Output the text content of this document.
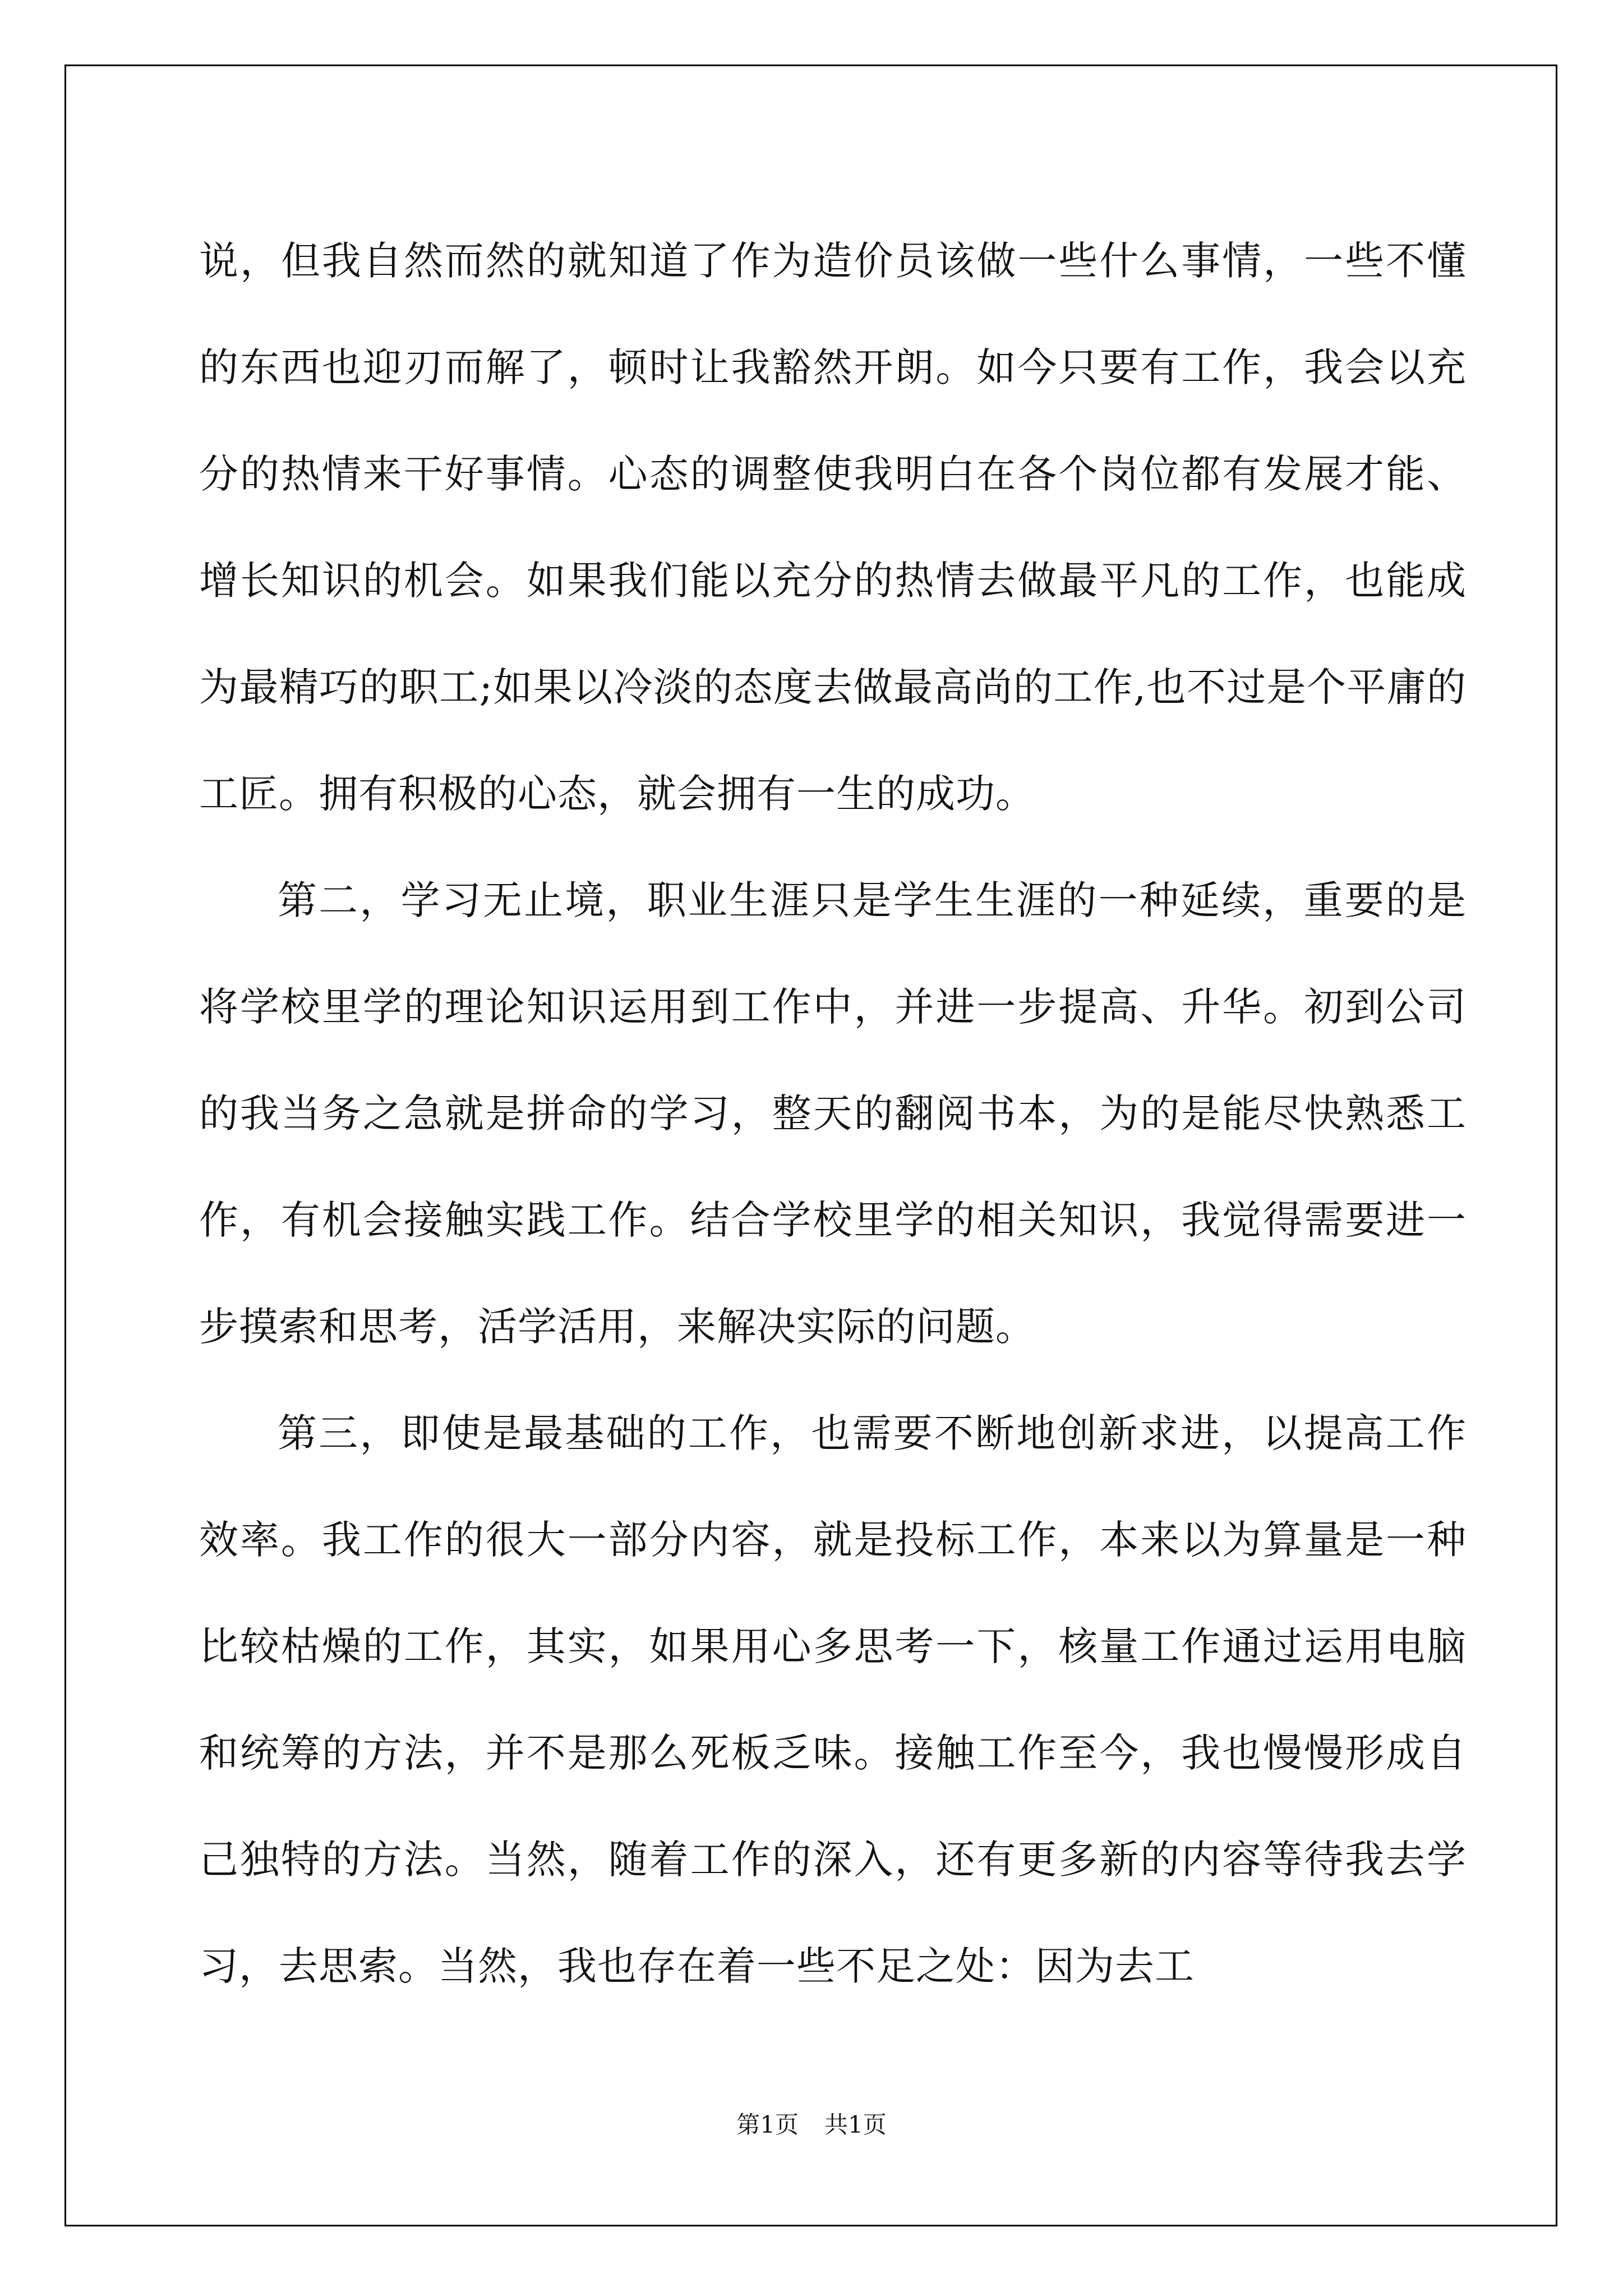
说，但我自然而然的就知道了作为造价员该做一些什么事情，一些不懂的东西也迎刃而解了，顿时让我豁然开朗。如今只要有工作，我会以充分的热情来干好事情。心态的调整使我明白在各个岗位都有发展才能、增长知识的机会。如果我们能以充分的热情去做最平凡的工作，也能成为最精巧的职工;如果以冷淡的态度去做最高尚的工作,也不过是个平庸的工匠。拥有积极的心态，就会拥有一生的成功。

第二，学习无止境，职业生涯只是学生生涯的一种延续，重要的是将学校里学的理论知识运用到工作中，并进一步提高、升华。初到公司的我当务之急就是拼命的学习，整天的翻阅书本，为的是能尽快熟悉工作，有机会接触实践工作。结合学校里学的相关知识，我觉得需要进一步摸索和思考，活学活用，来解决实际的问题。

第三，即使是最基础的工作，也需要不断地创新求进，以提高工作效率。我工作的很大一部分内容，就是投标工作，本来以为算量是一种比较枯燥的工作，其实，如果用心多思考一下，核量工作通过运用电脑和统筹的方法，并不是那么死板乏味。接触工作至今，我也慢慢形成自己独特的方法。当然，随着工作的深入，还有更多新的内容等待我去学习，去思索。当然，我也存在着一些不足之处：因为去工

第1页 共1页
